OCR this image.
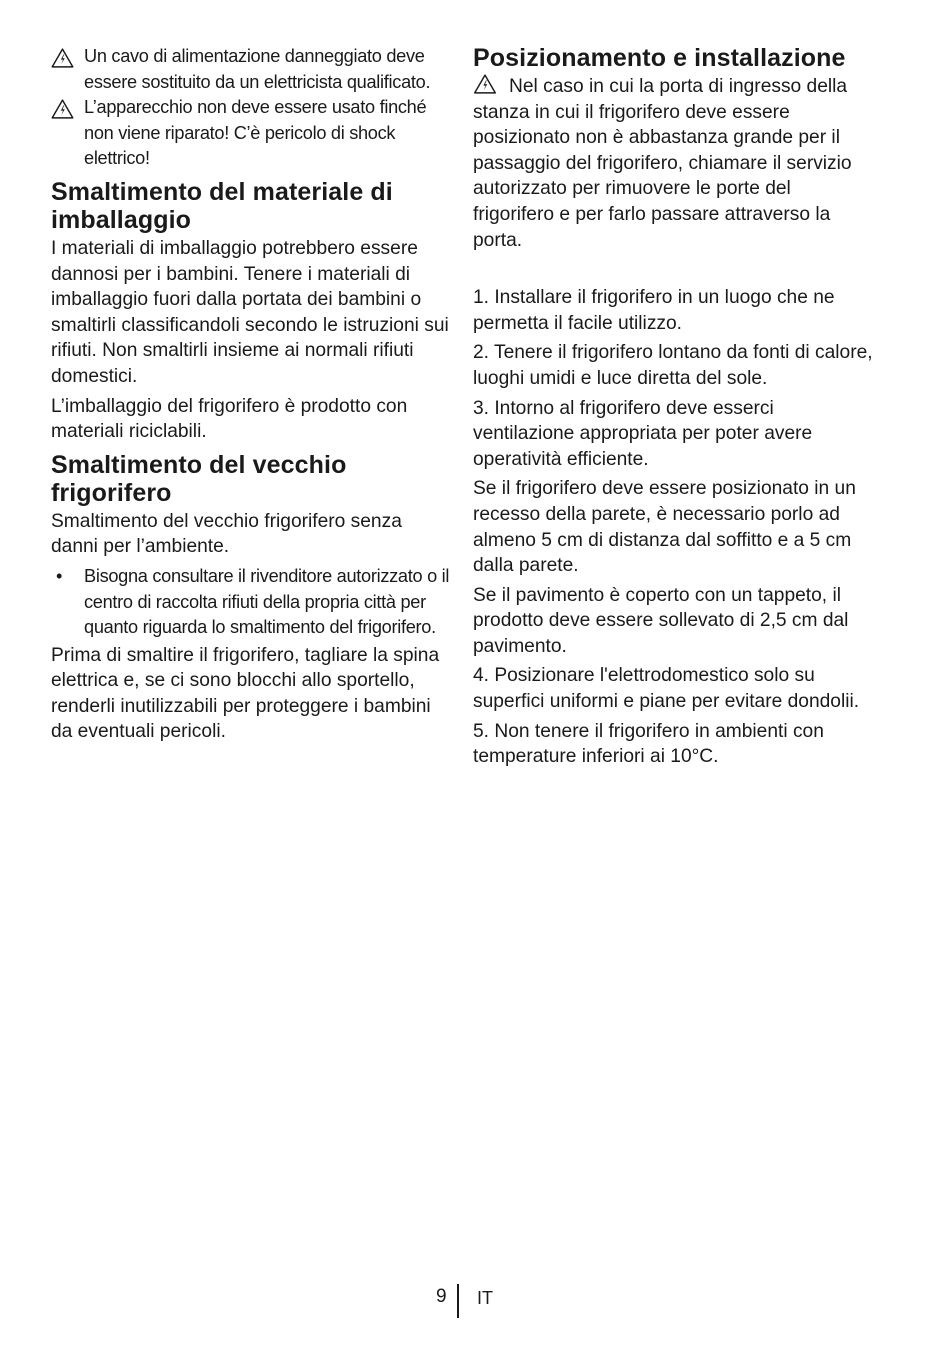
Un cavo di alimentazione danneggiato deve essere sostituito da un elettricista qualificato.
L’apparecchio non deve essere usato finché non viene riparato! C’è pericolo di shock elettrico!
Smaltimento del materiale di imballaggio

I materiali di imballaggio potrebbero essere dannosi per i bambini. Tenere i materiali di imballaggio fuori dalla portata dei bambini o smaltirli classificandoli secondo le istruzioni sui rifiuti. Non smaltirli insieme ai normali rifiuti domestici.

L’imballaggio del frigorifero è prodotto con materiali riciclabili.

Smaltimento del vecchio frigorifero

Smaltimento del vecchio frigorifero senza danni per l’ambiente.

• Bisogna consultare il rivenditore autorizzato o il centro di raccolta rifiuti della propria città per quanto riguarda lo smaltimento del frigorifero.

Prima di smaltire il frigorifero, tagliare la spina elettrica e, se ci sono blocchi allo sportello, renderli inutilizzabili per proteggere i bambini da eventuali pericoli.

Posizionamento e installazione

Nel caso in cui la porta di ingresso della stanza in cui il frigorifero deve essere posizionato non è abbastanza grande per il passaggio del frigorifero, chiamare il servizio autorizzato per rimuovere le porte del frigorifero e per farlo passare attraverso la porta.

1. Installare il frigorifero in un luogo che ne permetta il facile utilizzo.

2. Tenere il frigorifero lontano da fonti di calore, luoghi umidi e luce diretta del sole.

3. Intorno al frigorifero deve esserci ventilazione appropriata per poter avere operatività efficiente.

Se il frigorifero deve essere posizionato in un recesso della parete, è necessario porlo ad almeno 5 cm di distanza dal soffitto e a 5 cm dalla parete.

Se il pavimento è coperto con un tappeto, il prodotto deve essere sollevato di 2,5 cm dal pavimento.

4. Posizionare l'elettrodomestico solo su superfici uniformi e piane per evitare dondolii.

5. Non tenere il frigorifero in ambienti con temperature inferiori ai 10°C.

9 IT
